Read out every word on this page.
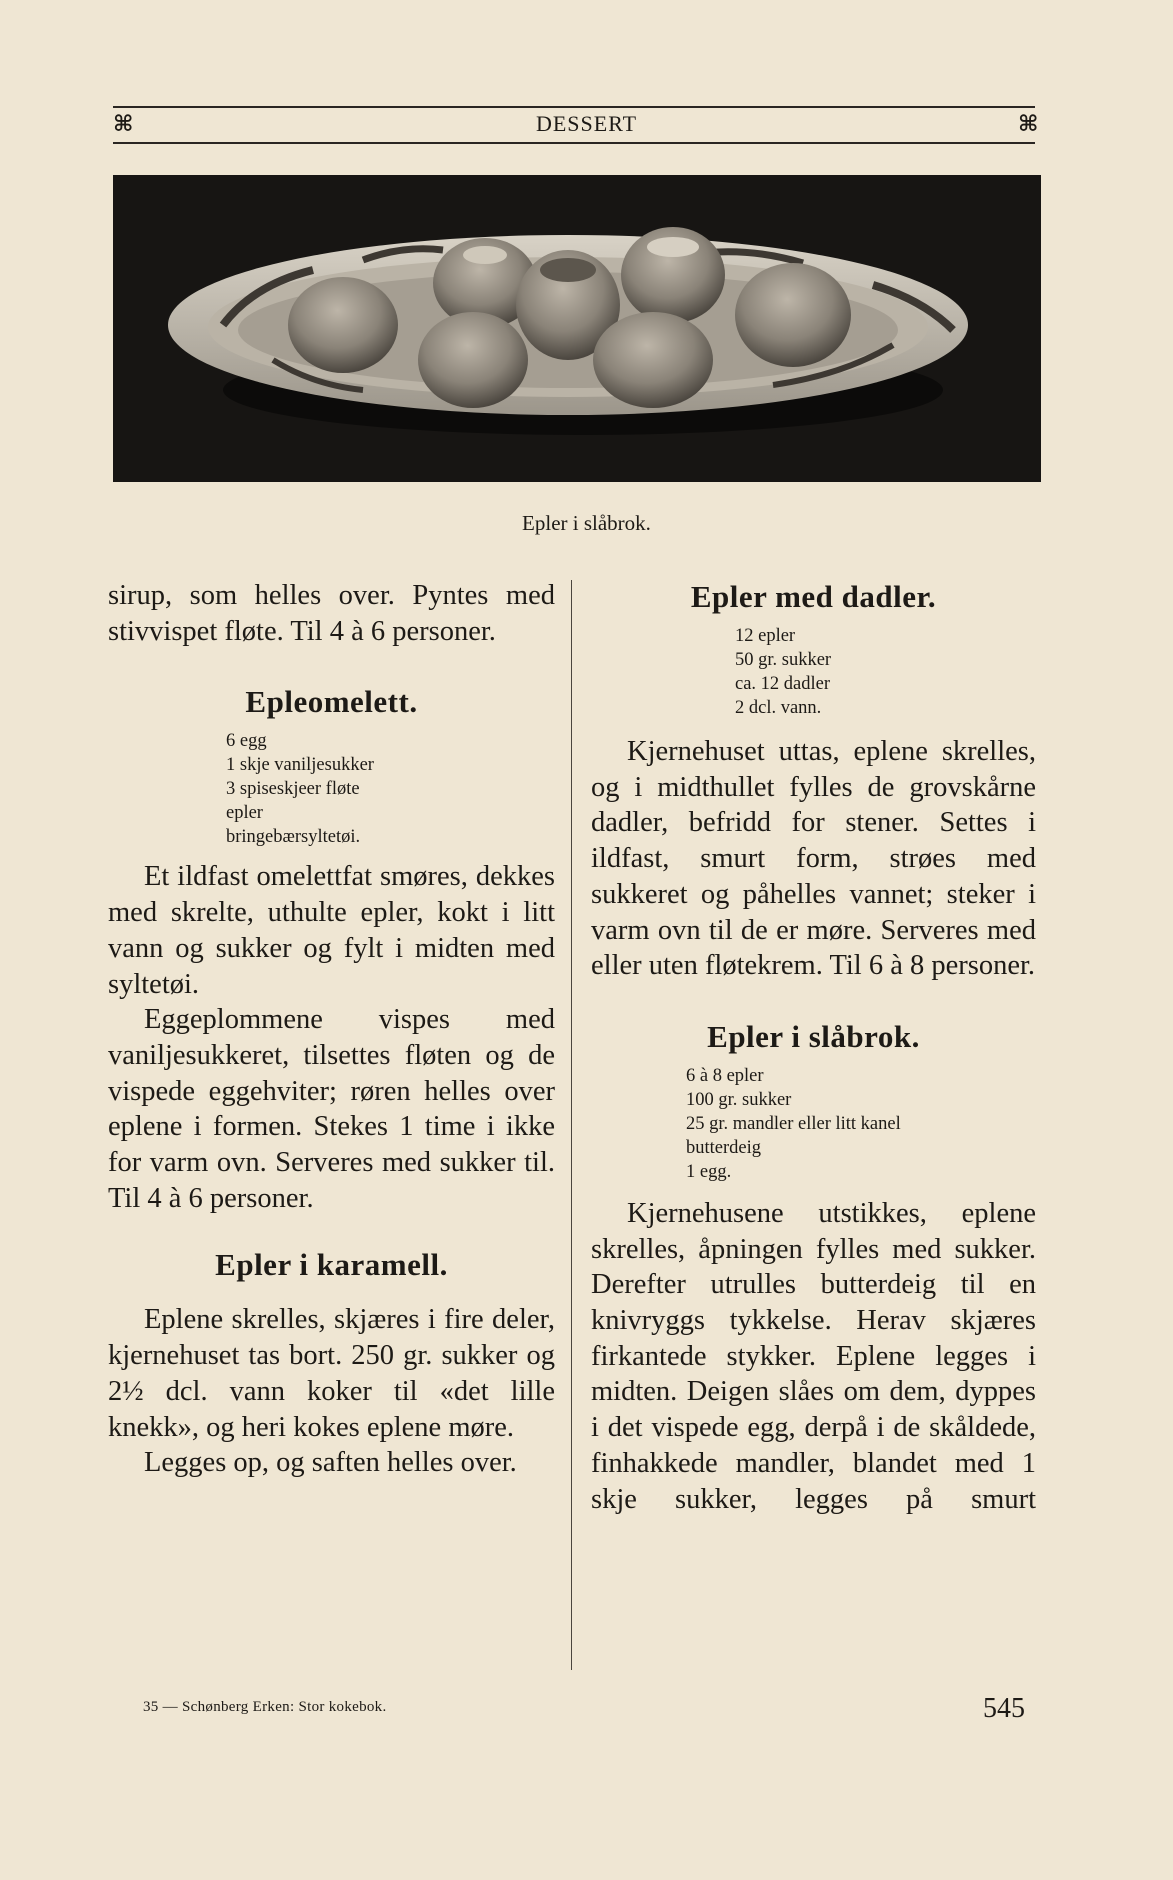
⌘	DESSERT	⌘
Epler i slåbrok.

sirup, som helles over. Pyntes med stivvispet fløte. Til 4 à 6 personer.

Epleomelett.
6 egg
1 skje vaniljesukker
3 spiseskjeer fløte
epler
bringebærsyltetøi.

Et ildfast omelettfat smøres, dekkes med skrelte, uthulte epler, kokt i litt vann og sukker og fylt i midten med syltetøi.

Eggeplommene vispes med vaniljesukkeret, tilsettes fløten og de vispede eggehviter; røren helles over eplene i formen. Stekes 1 time i ikke for varm ovn. Serveres med sukker til. Til 4 à 6 personer.

Epler i karamell.

Eplene skrelles, skjæres i fire deler, kjernehuset tas bort. 250 gr. sukker og 2½ dcl. vann koker til «det lille knekk», og heri kokes eplene møre.

Legges op, og saften helles over.

Epler med dadler.
12 epler
50 gr. sukker
ca. 12 dadler
2 dcl. vann.

Kjernehuset uttas, eplene skrelles, og i midthullet fylles de grovskårne dadler, befridd for stener. Settes i ildfast, smurt form, strøes med sukkeret og påhelles vannet; steker i varm ovn til de er møre. Serveres med eller uten fløtekrem. Til 6 à 8 personer.

Epler i slåbrok.
6 à 8 epler
100 gr. sukker
25 gr. mandler eller litt kanel
butterdeig
1 egg.

Kjernehusene utstikkes, eplene skrelles, åpningen fylles med sukker. Derefter utrulles butterdeig til en knivryggs tykkelse. Herav skjæres firkantede stykker. Eplene legges i midten. Deigen slåes om dem, dyppes i det vispede egg, derpå i de skåldede, finhakkede mandler, blandet med 1 skje sukker, legges på smurt

35 — Schønberg Erken: Stor kokebok.	545
